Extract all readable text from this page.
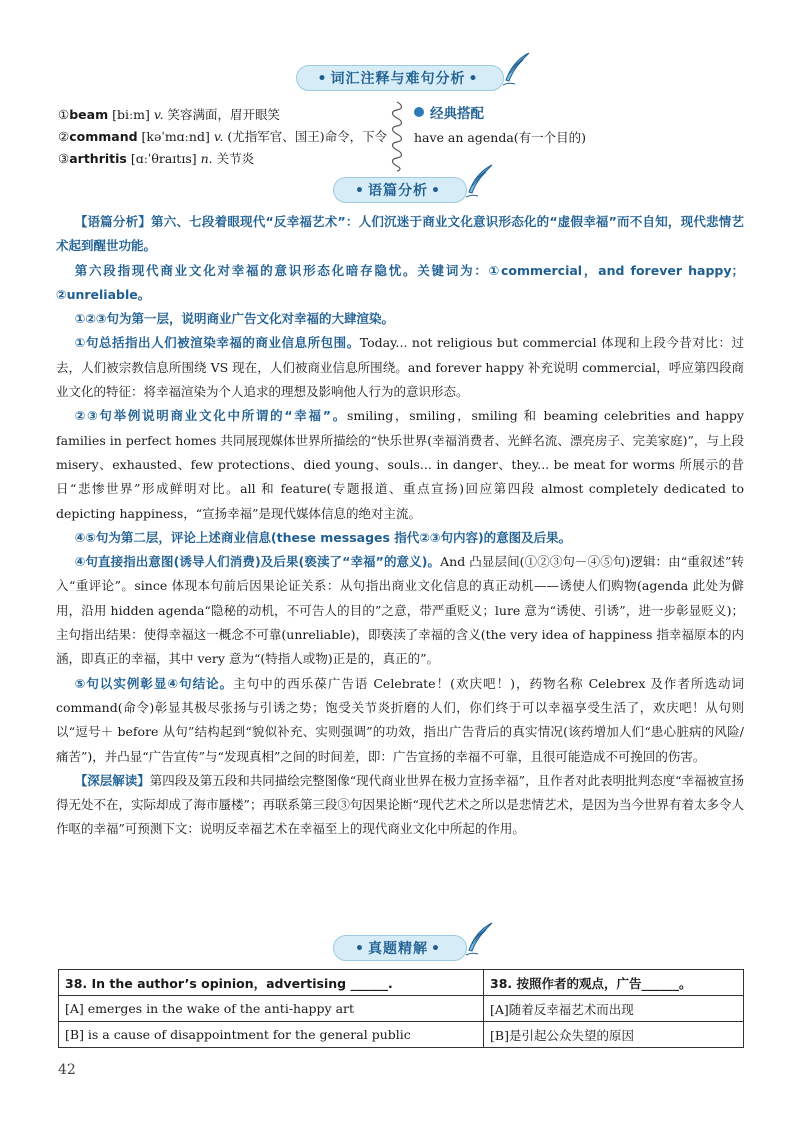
• 词汇注释与难句分析 •
①beam [biːm] v. 笑容满面，眉开眼笑
②command [kəˈmɑːnd] v. (尤指军官、国王)命令，下令
③arthritis [ɑːˈθraɪtɪs] n. 关节炎
经典搭配
have an agenda(有一个目的)
• 语篇分析 •

【语篇分析】第六、七段着眼现代“反幸福艺术”：人们沉迷于商业文化意识形态化的“虚假幸福”而不自知，现代悲情艺术起到醒世功能。

第六段指现代商业文化对幸福的意识形态化暗存隐忧。关键词为：①commercial，and forever happy；②unreliable。

①②③句为第一层，说明商业广告文化对幸福的大肆渲染。

①句总括指出人们被渲染幸福的商业信息所包围。Today... not religious but commercial 体现和上段今昔对比：过去，人们被宗教信息所围绕 VS 现在，人们被商业信息所围绕。and forever happy 补充说明 commercial，呼应第四段商业文化的特征：将幸福渲染为个人追求的理想及影响他人行为的意识形态。

②③句举例说明商业文化中所谓的“幸福”。smiling，smiling，smiling 和 beaming celebrities and happy families in perfect homes 共同展现媒体世界所描绘的“快乐世界(幸福消费者、光鲜名流、漂亮房子、完美家庭)”，与上段 misery、exhausted、few protections、died young、souls... in danger、they... be meat for worms 所展示的昔日“悲惨世界”形成鲜明对比。all 和 feature(专题报道、重点宣扬)回应第四段 almost completely dedicated to depicting happiness，“宣扬幸福”是现代媒体信息的绝对主流。

④⑤句为第二层，评论上述商业信息(these messages 指代②③句内容)的意图及后果。

④句直接指出意图(诱导人们消费)及后果(亵渎了“幸福”的意义)。And 凸显层间(①②③句－④⑤句)逻辑：由“重叙述”转入“重评论”。since 体现本句前后因果论证关系：从句指出商业文化信息的真正动机——诱使人们购物(agenda 此处为僻用，沿用 hidden agenda“隐秘的动机，不可告人的目的”之意，带严重贬义；lure 意为“诱使、引诱”，进一步彰显贬义)；主句指出结果：使得幸福这一概念不可靠(unreliable)，即亵渎了幸福的含义(the very idea of happiness 指幸福原本的内涵，即真正的幸福，其中 very 意为“(特指人或物)正是的，真正的”。

⑤句以实例彰显④句结论。主句中的西乐葆广告语 Celebrate！(欢庆吧！)，药物名称 Celebrex 及作者所选动词 command(命令)彰显其极尽张扬与引诱之势；饱受关节炎折磨的人们，你们终于可以幸福享受生活了，欢庆吧！从句则以“逗号＋ before 从句”结构起到“貌似补充、实则强调”的功效，指出广告背后的真实情况(该药增加人们“患心脏病的风险/痛苦”)，并凸显“广告宣传”与“发现真相”之间的时间差，即：广告宣扬的幸福不可靠，且很可能造成不可挽回的伤害。

【深层解读】第四段及第五段和共同描绘完整图像“现代商业世界在极力宣扬幸福”，且作者对此表明批判态度“幸福被宣扬得无处不在，实际却成了海市蜃楼”；再联系第三段③句因果论断“现代艺术之所以是悲情艺术，是因为当今世界有着太多令人作呕的幸福”可预测下文：说明反幸福艺术在幸福至上的现代商业文化中所起的作用。

• 真题精解 •
38. In the author’s opinion，advertising ______.	38. 按照作者的观点，广告______。
[A] emerges in the wake of the anti-happy art	[A]随着反幸福艺术而出现
[B] is a cause of disappointment for the general public	[B]是引起公众失望的原因
42
